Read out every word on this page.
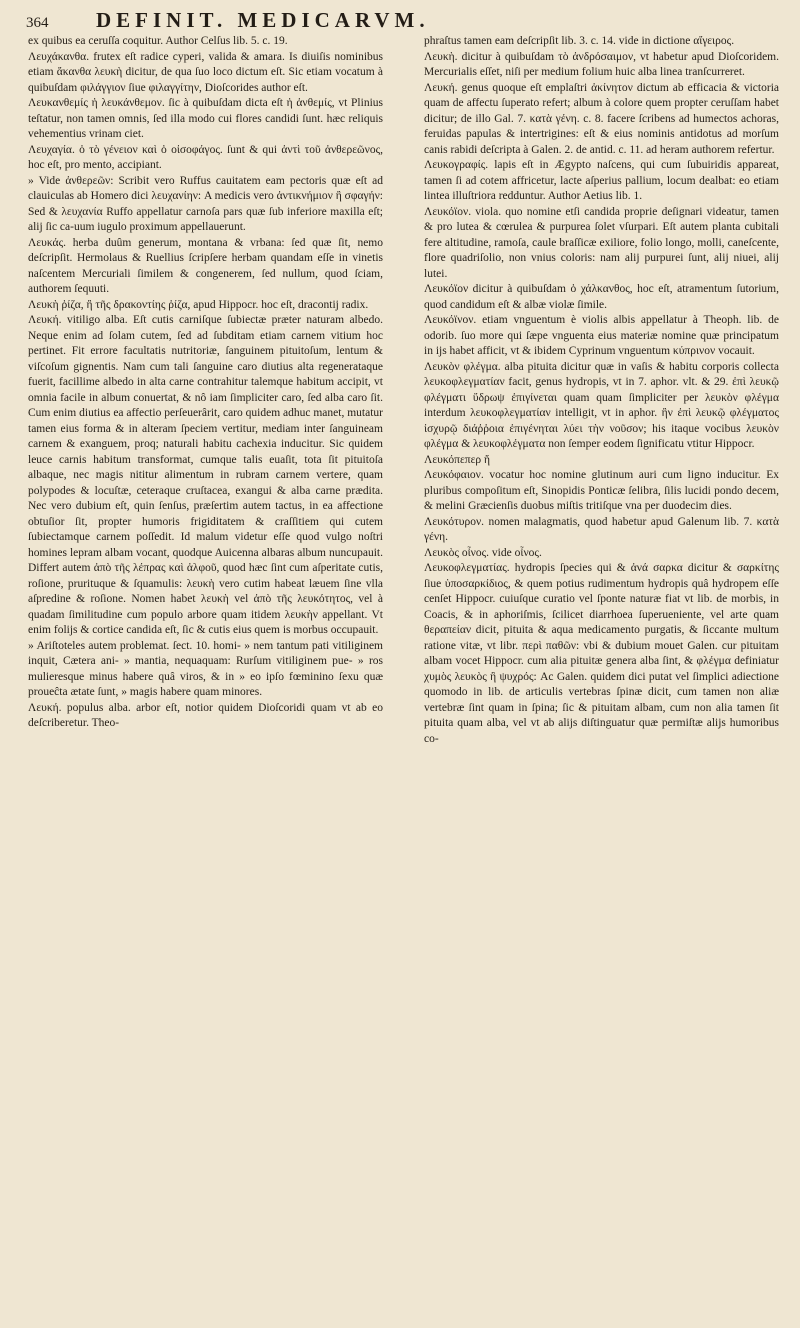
364	DEFINIT. MEDICARVM.

ex quibus ea ceruſſa coquitur. Author Celſus lib. 5. c. 19.

Λευχάκανθα. frutex eſt radice cyperi, valida & amara. Is diuiſis nominibus etiam ἄκανθα λευκὴ dicitur, de qua ſuo loco dictum eſt. Sic etiam vocatum à quibuſdam φιλάγγιον ſiue φιλαγγίτην, Dioſcorides author eſt.

Λευκανθεμίς ἡ λευκάνθεμον. ſic à quibuſdam dicta eſt ἡ ἀνθεμίς, vt Plinius teſtatur, non tamen omnis, ſed illa modo cui flores candidi ſunt. hæc reliquis vehementius vrinam ciet.

Λευχαγία. ὁ τὸ γένειον καὶ ὁ οἰσοφάγος. ſunt & qui ἀντὶ τοῦ ἀνθερεῶνος, hoc eſt, pro mento, accipiant.

» Vide ἀνθερεῶν: Scribit vero Ruffus cauitatem eam pectoris quæ eſt ad clauiculas ab Homero dici λευχανίην: A medicis vero ἀντικνήμιον ἢ σφαγήν: Sed & λευχανία Ruffo appellatur carnoſa pars quæ ſub inferiore maxilla eſt; alij ſic ca-uum iugulo proximum appellauerunt.

Λευκάς. herba duûm generum, montana & vrbana: ſed quæ ſit, nemo deſcripſit. Hermolaus & Ruellius ſcripſere herbam quandam eſſe in vinetis naſcentem Mercuriali ſimilem & congenerem, ſed nullum, quod ſciam, authorem ſequuti.

Λευκὴ ῥίζα, ἢ τῆς δρακοντίης ῥίζα, apud Hippocr. hoc eſt, dracontij radix.

Λευκή. vitiligo alba. Eſt cutis carniſque ſubiectæ præter naturam albedo. Neque enim ad ſolam cutem, ſed ad ſubditam etiam carnem vitium hoc pertinet. Fit errore facultatis nutritoriæ, ſanguinem pituitoſum, lentum & viſcoſum gignentis. Nam cum tali ſanguine caro diutius alta regenerataque fuerit, facillime albedo in alta carne contrahitur talemque habitum accipit, vt omnia facile in album conuertat, & nô iam ſimpliciter caro, ſed alba caro ſit. Cum enim diutius ea affectio perſeuerârit, caro quidem adhuc manet, mutatur tamen eius forma & in alteram ſpeciem vertitur, mediam inter ſanguineam carnem & exanguem, proq; naturali habitu cachexia inducitur. Sic quidem leuce carnis habitum transformat, cumque talis euaſit, tota ſit pituitoſa albaque, nec magis nititur alimentum in rubram carnem vertere, quam polypodes & locuſtæ, ceteraque cruſtacea, exangui & alba carne prædita. Nec vero dubium eſt, quin ſenſus, præſertim autem tactus, in ea affectione obtuſior ſit, propter humoris frigiditatem & craſſitiem qui cutem ſubiectamque carnem poſſedit. Id malum videtur eſſe quod vulgo noſtri homines lepram albam vocant, quodque Auicenna albaras album nuncupauit. Differt autem ἀπὸ τῆς λέπρας καὶ ἀλφοῦ, quod hæc ſint cum aſperitate cutis, roſione, prurituque & ſquamulis: λευκὴ vero cutim habeat læuem ſine vlla aſpredine & roſione. Nomen habet λευκὴ vel ἀπὸ τῆς λευκότητος, vel à quadam ſimilitudine cum populo arbore quam itidem λευκὴν appellant. Vt enim folijs & cortice candida eſt, ſic & cutis eius quem is morbus occupauit.

» Ariſtoteles autem problemat. ſect. 10. homi- » nem tantum pati vitiliginem inquit, Cætera ani- » mantia, nequaquam: Rurſum vitiliginem pue- » ros mulieresque minus habere quâ viros, & in » eo ipſo fœminino ſexu quæ proueĉta ætate ſunt, » magis habere quam minores.

Λευκή. populus alba. arbor eſt, notior quidem Dioſcoridi quam vt ab eo deſcriberetur. Theo-

phraſtus tamen eam deſcripſit lib. 3. c. 14. vide in dictione αἴγειρος.

Λευκὴ. dicitur à quibuſdam τὸ ἀνδρόσαιμον, vt habetur apud Dioſcoridem. Mercurialis eſſet, niſi per medium folium huic alba linea tranſcurreret.

Λευκή. genus quoque eſt emplaſtri ἀκίνητον dictum ab efficacia & victoria quam de affectu ſuperato refert; album à colore quem propter ceruſſam habet dicitur; de illo Gal. 7. κατὰ γένη. c. 8. facere ſcribens ad humectos achoras, feruidas papulas & intertrigines: eſt & eius nominis antidotus ad morſum canis rabidi deſcripta à Galen. 2. de antid. c. 11. ad heram authorem refertur.

Λευκογραφίς. lapis eſt in Ægypto naſcens, qui cum ſubuiridis appareat, tamen ſi ad cotem affricetur, lacte aſperius pallium, locum dealbat: eo etiam lintea illuſtriora redduntur. Author Aetius lib. 1.

Λευκόϊον. viola. quo nomine etſi candida proprie deſignari videatur, tamen & pro lutea & cœrulea & purpurea ſolet vſurpari. Eſt autem planta cubitali fere altitudine, ramoſa, caule braſſicæ exiliore, folio longo, molli, caneſcente, flore quadriſolio, non vnius coloris: nam alij purpurei ſunt, alij niuei, alij lutei.

Λευκόϊον dicitur à quibuſdam ὁ χάλκανθος, hoc eſt, atramentum ſutorium, quod candidum eſt & albæ violæ ſimile.

Λευκόϊνον. etiam vnguentum è violis albis appellatur à Theoph. lib. de odorib. ſuo more qui ſæpe vnguenta eius materiæ nomine quæ principatum in ijs habet afficit, vt & ibidem Cyprinum vnguentum κύπρινον vocauit.

Λευκὸν φλέγμα. alba pituita dicitur quæ in vaſis & habitu corporis collecta λευκοφλεγματίαν facit, genus hydropis, vt in 7. aphor. vlt. & 29. ἐπὶ λευκῷ φλέγματι ὕδρωψ ἐπιγίνεται quam quam ſimpliciter per λευκὸν φλέγμα interdum λευκοφλεγματίαν intelligit, vt in aphor. ἢν ἐπὶ λευκῷ φλέγματος ἰσχυρῷ διάῤῥοια ἐπιγένηται λύει τὴν νοῦσον; his itaque vocibus λευκὸν φλέγμα & λευκοφλέγματα non ſemper eodem ſignificatu vtitur Hippocr.

Λευκόπεπερ ἤ

Λευκόφαιον. vocatur hoc nomine glutinum auri cum ligno inducitur. Ex pluribus compoſitum eſt, Sinopidis Ponticæ ſelibra, ſilis lucidi pondo decem, & melini Græcienſis duobus miſtis tritiſque vna per duodecim dies.

Λευκότυρον. nomen malagmatis, quod habetur apud Galenum lib. 7. κατὰ γένη.

Λευκὸς οἶνος. vide οἶνος.

Λευκοφλεγματίας. hydropis ſpecies qui & ἀνά σαρκα dicitur & σαρκίτης ſiue ὑποσαρκίδιος, & quem potius rudimentum hydropis quâ hydropem eſſe cenſet Hippocr. cuiuſque curatio vel ſponte naturæ fiat vt lib. de morbis, in Coacis, & in aphoriſmis, ſcilicet diarrhoea ſuperueniente, vel arte quam θεραπείαν dicit, pituita & aqua medicamento purgatis, & ſiccante multum ratione vitæ, vt libr. περὶ παθῶν: vbi & dubium mouet Galen. cur pituitam albam vocet Hippocr. cum alia pituitæ genera alba ſint, & φλέγμα definiatur χυμὸς λευκὸς ἢ ψυχρός: Ac Galen. quidem dici putat vel ſimplici adiectione quomodo in lib. de articulis vertebras ſpinæ dicit, cum tamen non aliæ vertebræ ſint quam in ſpina; ſic & pituitam albam, cum non alia tamen ſit pituita quam alba, vel vt ab alijs diſtinguatur quæ permiſtæ alijs humoribus co-
